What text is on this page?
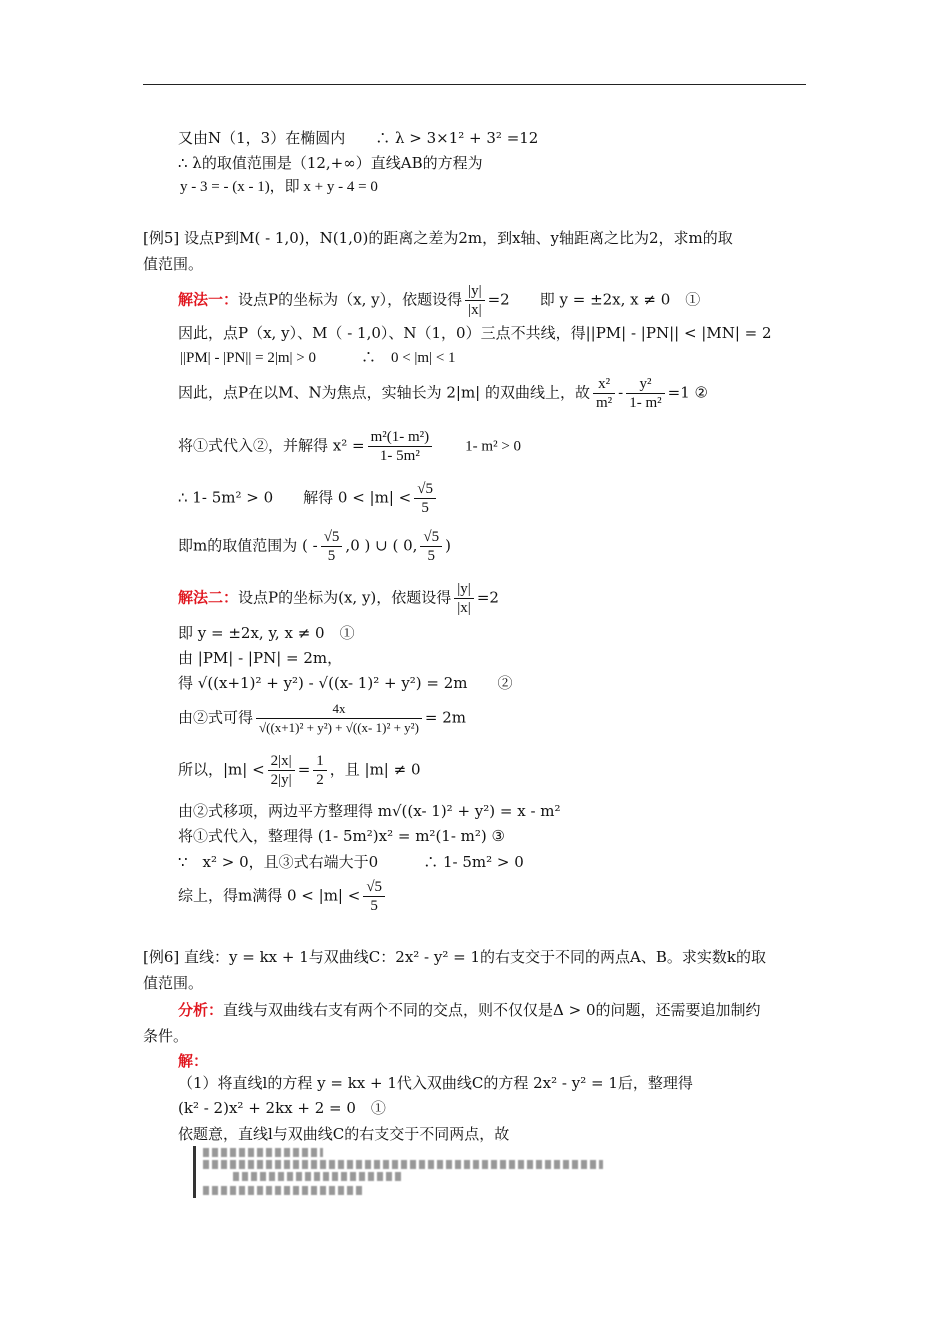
又由N（1，3）在椭圆内　　∴ λ > 3×1² + 3² =12
∴ λ的取值范围是（12,+∞）直线AB的方程为
y - 3 = - (x - 1)，即 x + y - 4 = 0
[例5] 设点P到M( - 1,0)，N(1,0)的距离之差为2m，到x轴、y轴距离之比为2，求m的取
值范围。
解法一：设点P的坐标为（x, y），依题设得 $\frac{|y|}{|x|} =2$　　即 y = ±2x, x ≠ 0　①
因此，点P（x, y）、M（ - 1,0）、N（1，0）三点不共线，得||PM| - |PN|| < |MN| = 2
||PM| - |PN|| = 2|m| > 0　　　∴　0 < |m| < 1
因此，点P在以M、N为焦点，实轴长为 2|m| 的双曲线上，故 $\frac{\text{x²}}{\text{m²}} - \frac{\text{y²}}{\text{1- m²}} =1$ ②
将①式代入②，并解得 $x^2 = \frac{\text{m²(1- m²)}}{\text{1- 5m²}}$ 　　1- m² > 0
∴ 1- 5m² > 0　　解得 $0 < |m| < \frac{√5}{5}$
即m的取值范围为 ( - $\frac{√5}{5} ,0$ ) ∪ ( 0, $\frac{√5}{5}$ )
解法二：设点P的坐标为(x, y)，依题设得 $\frac{|y|}{|x|} =2$
即 y = ±2x, y, x ≠ 0　①
由 |PM| - |PN| = 2m，
得 √((x+1)² + y²) - √((x- 1)² + y²) = 2m　　②
由②式可得 $\frac{4x}{\text{√((x+1)² + y²) + √((x- 1)² + y²)}} = 2m$
所以，$|m| < \frac{2|x|}{2|y|} = \frac{1}{2}$ ，且 |m| ≠ 0
由②式移项，两边平方整理得 m√((x- 1)² + y²) = x - m²
将①式代入，整理得 (1- 5m²)x² = m²(1- m²) ③
∵　x² > 0，且③式右端大于0　　　∴ 1- 5m² > 0
综上，得m满得 $0 < |m| < \frac{√5}{5}$
[例6] 直线：y = kx + 1与双曲线C：2x² - y² = 1的右支交于不同的两点A、B。求实数k的取
值范围。
分析：直线与双曲线右支有两个不同的交点，则不仅仅是Δ > 0的问题，还需要追加制约
条件。
解：
（1）将直线l的方程 y = kx + 1代入双曲线C的方程 2x² - y² = 1后，整理得
(k² - 2)x² + 2kx + 2 = 0　①
依题意，直线l与双曲线C的右支交于不同两点，故
